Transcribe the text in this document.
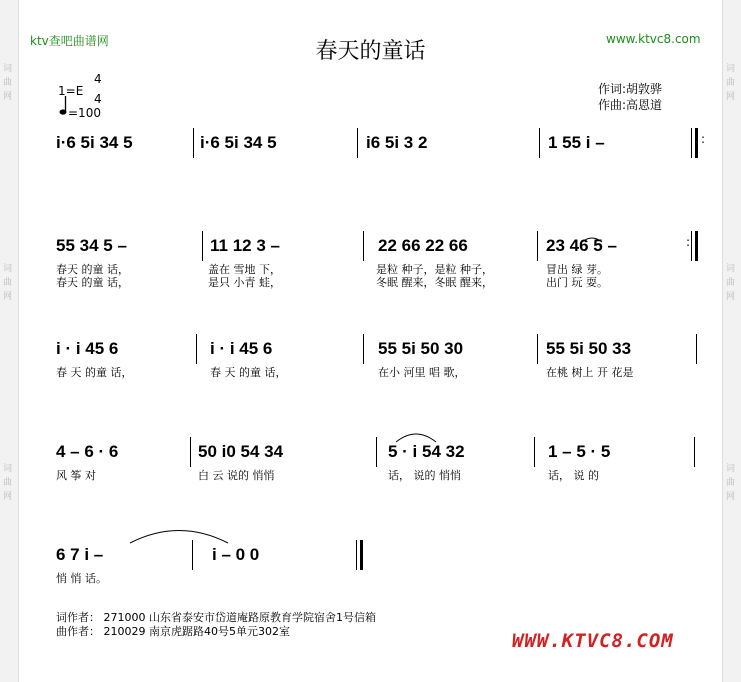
词
曲
网
词
曲
网
词
曲
网
词
曲
网
词
曲
网
词
曲
网
ktv查吧曲谱网	www.ktvc8.com
春天的童话
1=E
4
4
=100
作词:胡敦骅
作曲:高恩道
i·6 5i 34 5	i·6 5i 34 5	i6 5i 3 2	1 55 i –	:
55 34 5 –	11 12 3 –	22 66 22 66	23 46 5 –	:
春天 的童 话，	盖在 雪地 下，	是粒 种子，是粒 种子，	冒出 绿 芽。
春天 的童 话，	是只 小青 蛙，	冬眠 醒来，冬眠 醒来，	出门 玩 耍。
i · i 45 6	i · i 45 6	55 5i 50 30	55 5i 50 33
春 天 的童 话，	春 天 的童 话，	在小 河里 唱 歌，	在桃 树上 开 花是
4 – 6 · 6	50 i0 54 34	5 · i 54 32	1 – 5 · 5
风 筝 对	白 云 说的 悄悄	话， 说的 悄悄	话， 说 的
6 7 i –	i – 0 0
悄 悄 话。
词作者： 271000 山东省泰安市岱道庵路原教育学院宿舍1号信箱
曲作者： 210029 南京虎踞路40号5单元302室	WWW.KTVC8.COM
